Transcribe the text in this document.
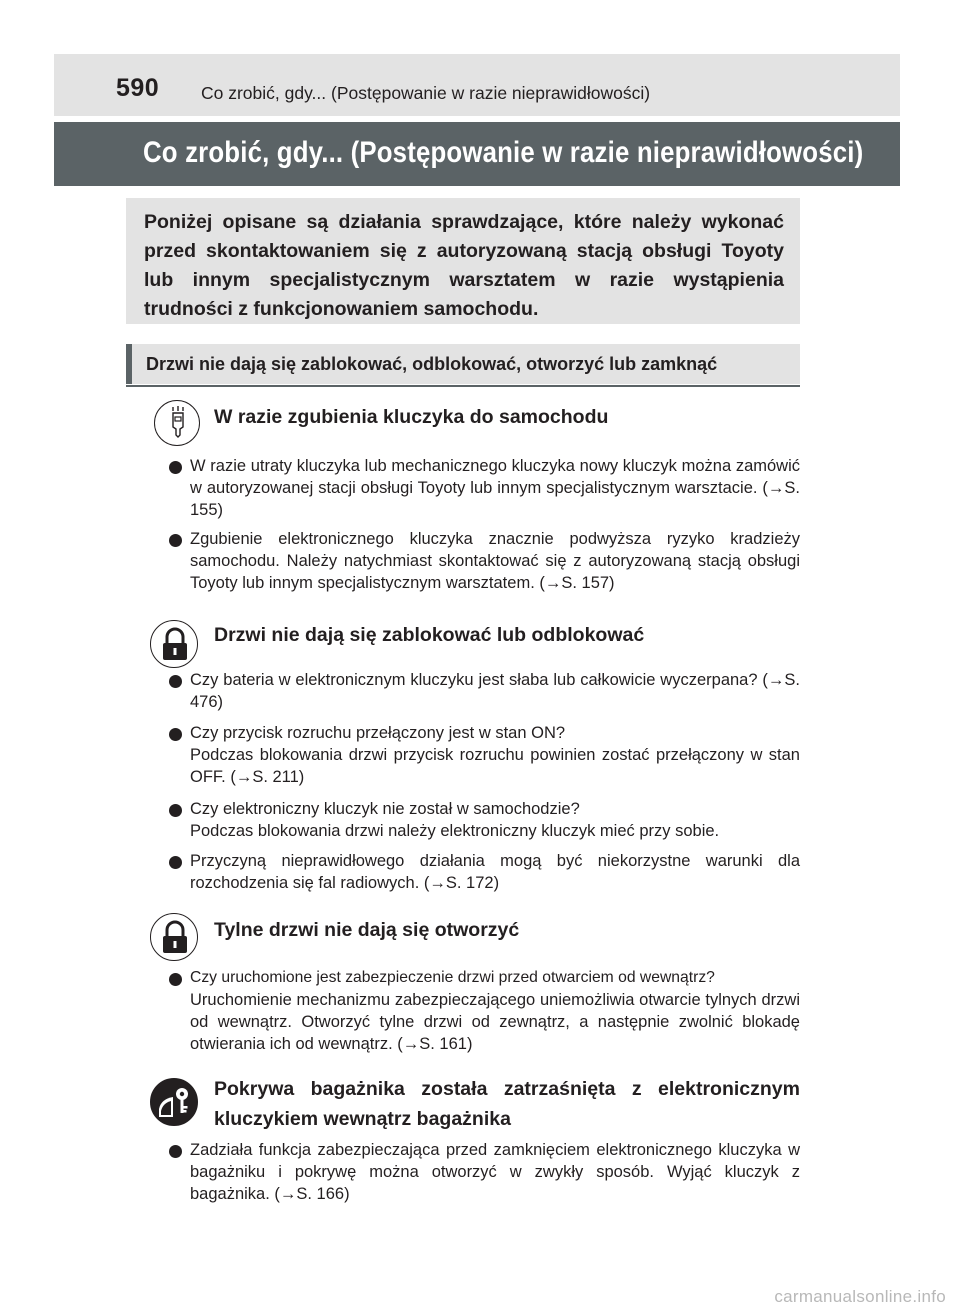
590 Co zrobić, gdy... (Postępowanie w razie nieprawidłowości)
Co zrobić, gdy... (Postępowanie w razie nieprawidłowości)
Poniżej opisane są działania sprawdzające, które należy wykonać przed skontaktowaniem się z autoryzowaną stacją obsługi Toyoty lub innym specjalistycznym warsztatem w razie wystąpienia trudności z funkcjonowaniem samochodu.
Drzwi nie dają się zablokować, odblokować, otworzyć lub zamknąć
W razie zgubienia kluczyka do samochodu
W razie utraty kluczyka lub mechanicznego kluczyka nowy kluczyk można zamówić w autoryzowanej stacji obsługi Toyoty lub innym specjalistycznym warsztacie. (→S. 155)
Zgubienie elektronicznego kluczyka znacznie podwyższa ryzyko kradzieży samochodu. Należy natychmiast skontaktować się z autoryzowaną stacją obsługi Toyoty lub innym specjalistycznym warsztatem. (→S. 157)
Drzwi nie dają się zablokować lub odblokować
Czy bateria w elektronicznym kluczyku jest słaba lub całkowicie wyczerpana? (→S. 476)
Czy przycisk rozruchu przełączony jest w stan ON?
Podczas blokowania drzwi przycisk rozruchu powinien zostać przełączony w stan OFF. (→S. 211)
Czy elektroniczny kluczyk nie został w samochodzie?
Podczas blokowania drzwi należy elektroniczny kluczyk mieć przy sobie.
Przyczyną nieprawidłowego działania mogą być niekorzystne warunki dla rozchodzenia się fal radiowych. (→S. 172)
Tylne drzwi nie dają się otworzyć
Czy uruchomione jest zabezpieczenie drzwi przed otwarciem od wewnątrz?
Uruchomienie mechanizmu zabezpieczającego uniemożliwia otwarcie tylnych drzwi od wewnątrz. Otworzyć tylne drzwi od zewnątrz, a następnie zwolnić blokadę otwierania ich od wewnątrz. (→S. 161)
Pokrywa bagażnika została zatrzaśnięta z elektronicznym kluczykiem wewnątrz bagażnika
Zadziała funkcja zabezpieczająca przed zamknięciem elektronicznego kluczyka w bagażniku i pokrywę można otworzyć w zwykły sposób. Wyjąć kluczyk z bagażnika. (→S. 166)
carmanualsonline.info
